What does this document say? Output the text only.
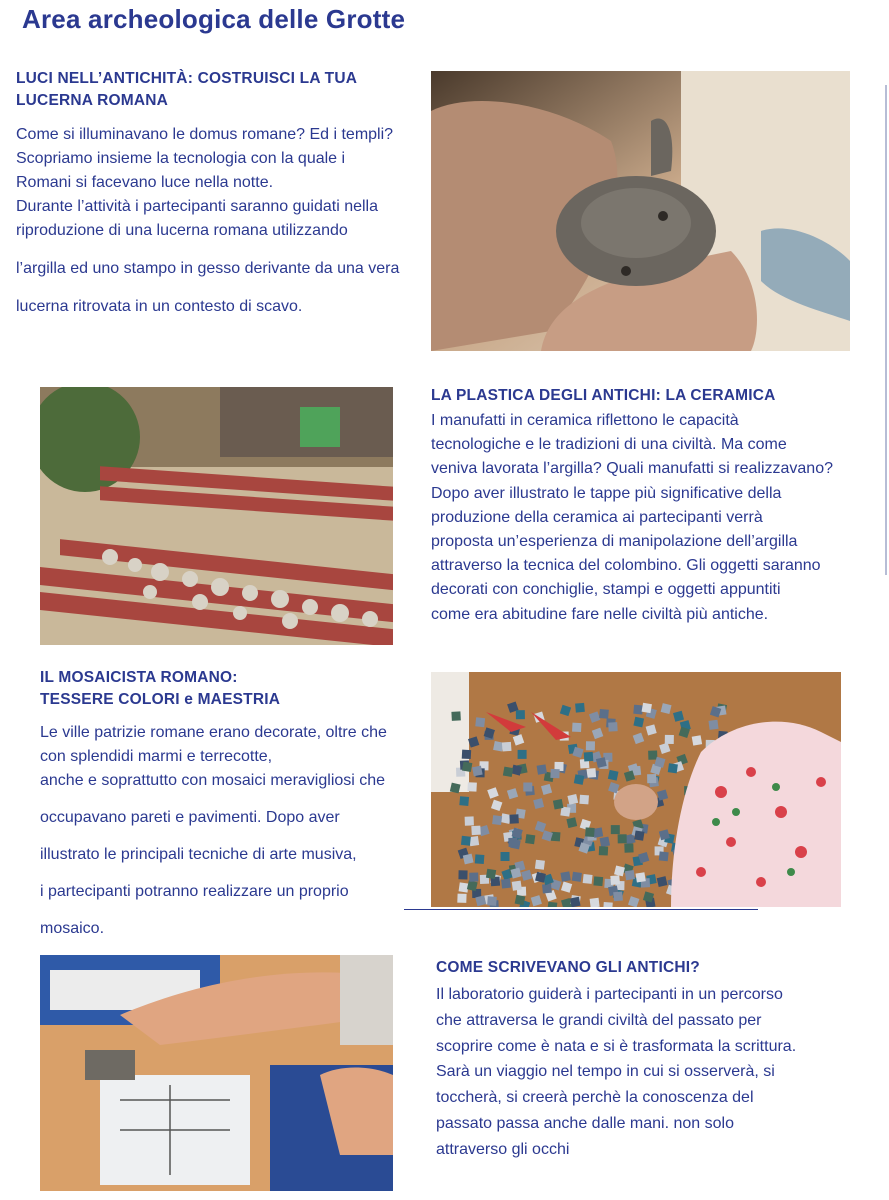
Area archeologica delle Grotte
LUCI NELL’ANTICHITÀ: COSTRUISCI LA TUA
LUCERNA ROMANA
Come si illuminavano le domus romane? Ed i templi?
Scopriamo insieme la tecnologia con la quale i
Romani si facevano luce nella notte.
Durante l’attività i partecipanti saranno guidati nella
riproduzione di una lucerna romana utilizzando
l’argilla ed uno stampo in gesso derivante da una vera
lucerna ritrovata in un contesto di scavo.
LA PLASTICA DEGLI ANTICHI: LA CERAMICA
I manufatti in ceramica riflettono le capacità
tecnologiche e le tradizioni di una civiltà. Ma come
veniva lavorata l’argilla? Quali manufatti si realizzavano?
Dopo aver illustrato le tappe più significative della
produzione della ceramica ai partecipanti verrà
proposta un’esperienza di manipolazione dell’argilla
attraverso la tecnica del colombino. Gli oggetti saranno
decorati con conchiglie, stampi e oggetti appuntiti
come era abitudine fare nelle civiltà più antiche.
IL MOSAICISTA ROMANO:
TESSERE COLORI e MAESTRIA
Le ville patrizie romane erano decorate, oltre che
con splendidi marmi e terrecotte,
anche e soprattutto con mosaici meravigliosi che
occupavano pareti e pavimenti. Dopo aver
illustrato le principali tecniche di arte musiva,
i partecipanti potranno realizzare un proprio
mosaico.
COME SCRIVEVANO GLI ANTICHI?
Il laboratorio guiderà i partecipanti in un percorso
che attraversa le grandi civiltà del passato per
scoprire come è nata e si è trasformata la scrittura.
Sarà un viaggio nel tempo in cui si osserverà, si
toccherà, si creerà perchè la conoscenza del
passato passa anche dalle mani. non solo
attraverso gli occhi
